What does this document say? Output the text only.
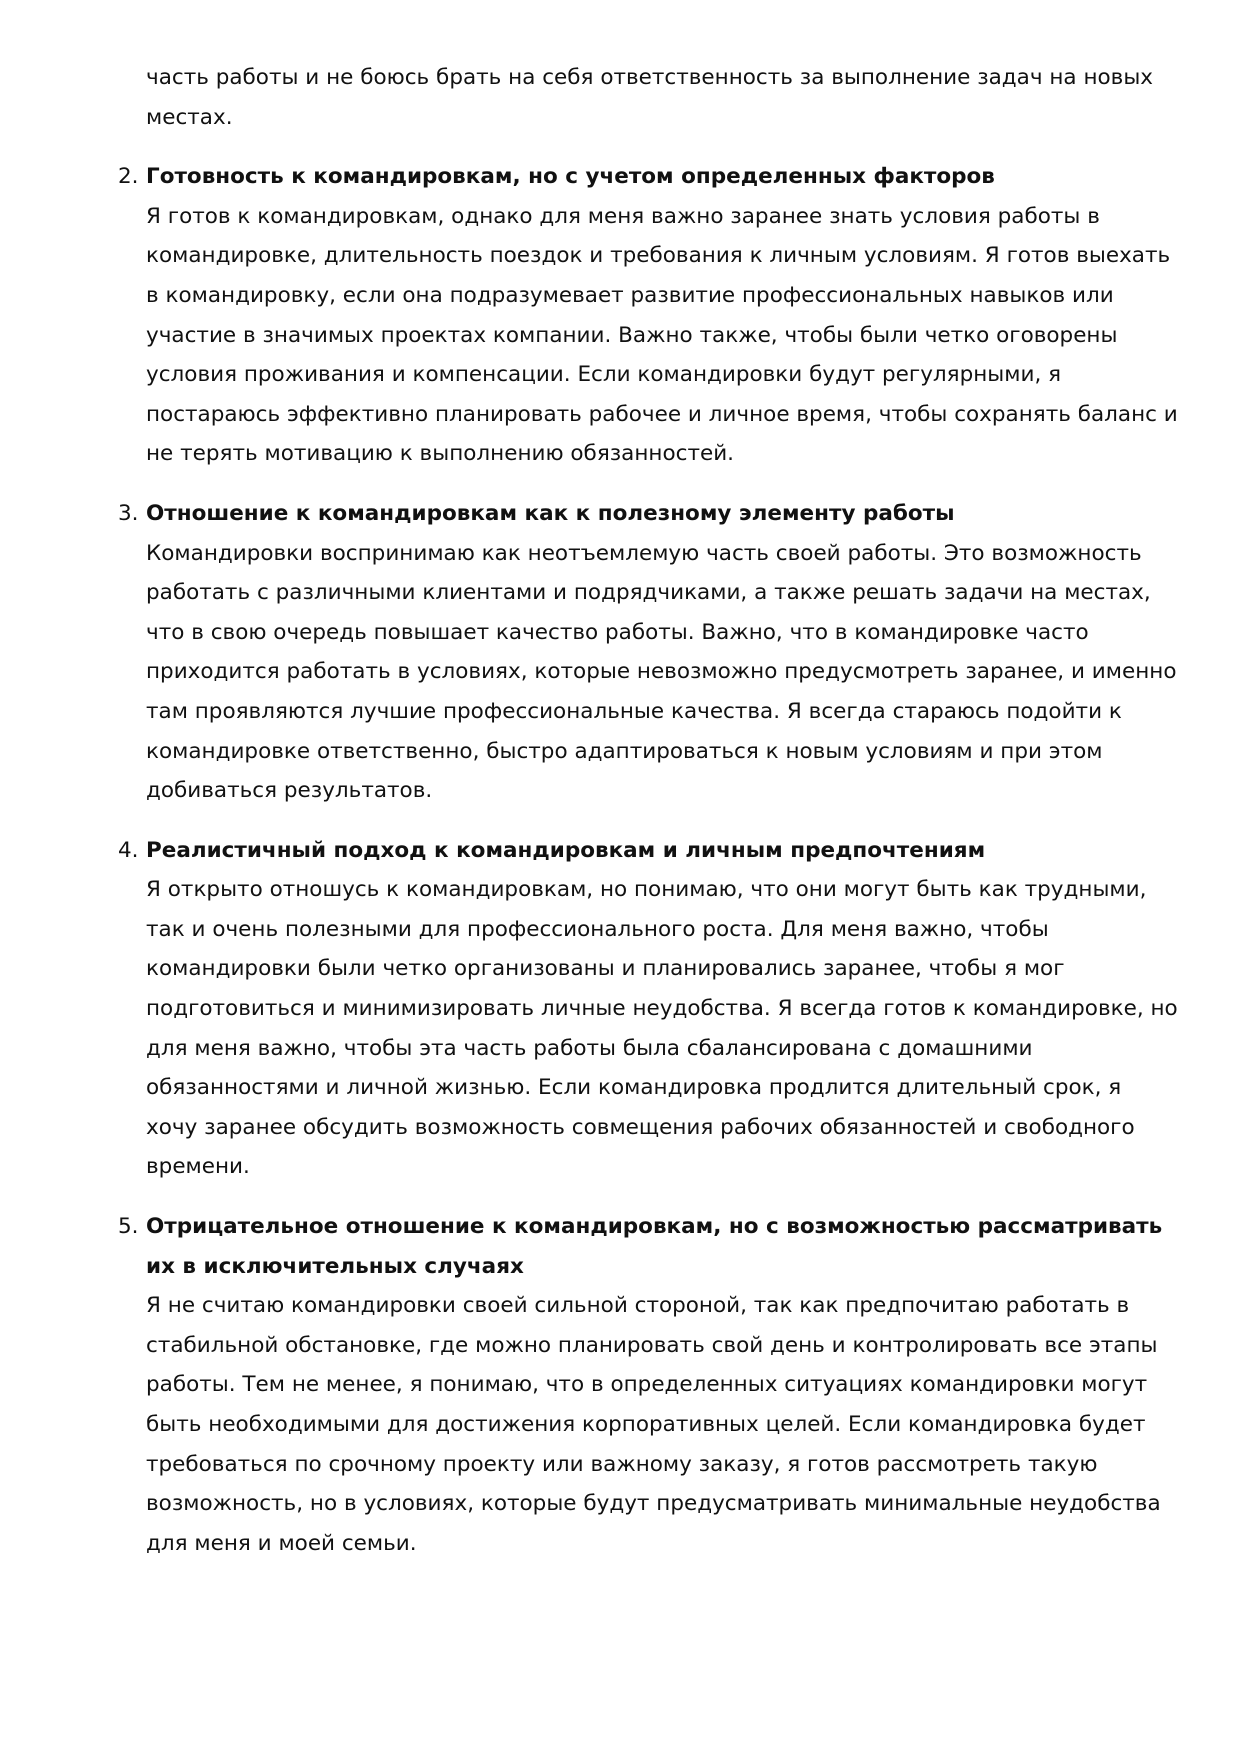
часть работы и не боюсь брать на себя ответственность за выполнение задач на новых местах.

2. Готовность к командировкам, но с учетом определенных факторов
Я готов к командировкам, однако для меня важно заранее знать условия работы в командировке, длительность поездок и требования к личным условиям. Я готов выехать в командировку, если она подразумевает развитие профессиональных навыков или участие в значимых проектах компании. Важно также, чтобы были четко оговорены условия проживания и компенсации. Если командировки будут регулярными, я постараюсь эффективно планировать рабочее и личное время, чтобы сохранять баланс и не терять мотивацию к выполнению обязанностей.
3. Отношение к командировкам как к полезному элементу работы
Командировки воспринимаю как неотъемлемую часть своей работы. Это возможность работать с различными клиентами и подрядчиками, а также решать задачи на местах, что в свою очередь повышает качество работы. Важно, что в командировке часто приходится работать в условиях, которые невозможно предусмотреть заранее, и именно там проявляются лучшие профессиональные качества. Я всегда стараюсь подойти к командировке ответственно, быстро адаптироваться к новым условиям и при этом добиваться результатов.
4. Реалистичный подход к командировкам и личным предпочтениям
Я открыто отношусь к командировкам, но понимаю, что они могут быть как трудными, так и очень полезными для профессионального роста. Для меня важно, чтобы командировки были четко организованы и планировались заранее, чтобы я мог подготовиться и минимизировать личные неудобства. Я всегда готов к командировке, но для меня важно, чтобы эта часть работы была сбалансирована с домашними обязанностями и личной жизнью. Если командировка продлится длительный срок, я хочу заранее обсудить возможность совмещения рабочих обязанностей и свободного времени.
5. Отрицательное отношение к командировкам, но с возможностью рассматривать их в исключительных случаях
Я не считаю командировки своей сильной стороной, так как предпочитаю работать в стабильной обстановке, где можно планировать свой день и контролировать все этапы работы. Тем не менее, я понимаю, что в определенных ситуациях командировки могут быть необходимыми для достижения корпоративных целей. Если командировка будет требоваться по срочному проекту или важному заказу, я готов рассмотреть такую возможность, но в условиях, которые будут предусматривать минимальные неудобства для меня и моей семьи.
